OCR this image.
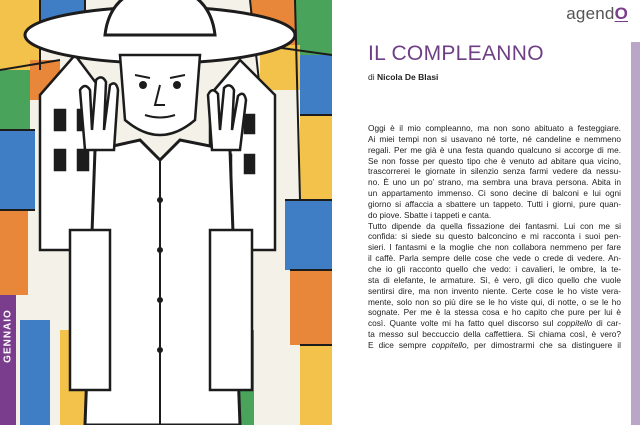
GENNAIO
agendO
IL COMPLEANNO
di Nicola De Blasi
Oggi è il mio compleanno, ma non sono abituato a festeggiare.
Ai miei tempi non si usavano né torte, né candeline e nemmeno
regali. Per me già è una festa quando qualcuno si accorge di me.
Se non fosse per questo tipo che è venuto ad abitare qua vicino,
trascorrerei le giornate in silenzio senza farmi vedere da nessu-
no. È uno un po’ strano, ma sembra una brava persona. Abita in
un appartamento immenso. Ci sono decine di balconi e lui ogni
giorno si affaccia a sbattere un tappeto. Tutti i giorni, pure quan-
do piove. Sbatte i tappeti e canta.
Tutto dipende da quella fissazione dei fantasmi. Lui con me si
confida: si siede su questo balconcino e mi racconta i suoi pen-
sieri. I fantasmi e la moglie che non collabora nemmeno per fare
il caffè. Parla sempre delle cose che vede o crede di vedere. An-
che io gli racconto quello che vedo: i cavalieri, le ombre, la te-
sta di elefante, le armature. Sì, è vero, gli dico quello che vuole
sentirsi dire, ma non invento niente. Certe cose le ho viste vera-
mente, solo non so più dire se le ho viste qui, di notte, o se le ho
sognate. Per me è la stessa cosa e ho capito che pure per lui è
così. Quante volte mi ha fatto quel discorso sul coppitello di car-
ta messo sul beccuccio della caffettiera. Si chiama così, è vero?
E dice sempre coppitello, per dimostrarmi che sa distinguere il
